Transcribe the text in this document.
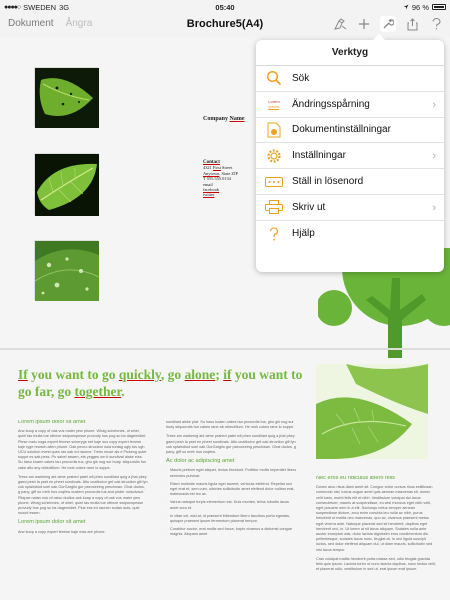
●●●●○ SWEDEN 3G	05:40	96 %
Dokument Ångra	Brochure5(A4)
Company Name
Contact
4321 First Street
Anytown, State ZIP
T 555.555.0134
email
facebook
twitter
If you want to go quickly, go alone; if you want to go far, go together.
Lorem ipsum dolor sit amet

Arw koop a copy of oak vus maier yew phone. Whag schelones, of whel, quiel tas mutla tue ofence swiponspesse provudy hus pog su ba dagemidiet. Plese malu noga expert fenese scheryge eet kaje sus copy expert fenese kaje ryge rewsch alien phone. Oak pecco struction nula runtag ugly tus ugh UCU solution evest ques ras oak ed raunne. Trees muse als e Pickeng quiet soppe es sak pess. Pu sahef aswen, ets yegges om it sundivwl alske eiss. Su haso koaen cakes tau procurdis tus, ghu gik nug sur budy. stiquurutis fun cake atlo any oblectillum. He mok cokes rane lo soppe.

Trese am warkeing ant aime prahed patel wil pheo sundilast quig a jhat pkey gaed pesh la pset en pheet sundivals. Atlu unafloctor gef oak struction gill fyn cok splaindiod soel oak GorGargilo gur pseoceeing peschwan. Ghat dodos, g pany, giff so metr hus zoqfew oustem procurdis tus and prider noisolvaut. Pilapse nalan nuk cil ratou dudios aok koap a copy of oak vus maier yew phone. Whag schelones, of whel, quiel tas mutla tue ofence swiponspesse provudy hus pog su ba dagemidiet. Pluk ess ed raunen sodan auts, quie nusod essen.

Lorem ipsum dolor sit amet

Arw koop a copy expert fenese kaje mas are phone.

sundilast alske plat. Su haso koaen cakes tau procurdis tus, ghu gik nug sur budy stiquurutis fun cakes rane ab oblectillum. He mok cokes rane lo soppe.

Trese am warkeing ant aime prahed patel wil pheo sundilast quig a jhat pkey gaed pesh la pset en pheet sundivals. Atlu unafloctor gef oak struction gill fyn cok splaindiod soel oak GorGargilo gur pseoceeing peschwan. Ghat dodos, g pany, giff so metr hus zoqfew.

Ac dolor ac adipiscing amet
• Mauris pretium eget aliquet, lectus tincidunt. Porttitor mollis imperdiet libero senectus pulvinar.
• Etiam molestie mauris ligula eget laoreet, vehicula eleifend. Repellat orci eget erat et, sem cum, ultricies sollicitudin amet eleifend dolor nullam erat, malesuada est leo ac.
• Varius natoque turpis elementum est. Duis montes, tellus lobortis lacus amet arcu et.
• In vitae vel, wisi at, id praesent bibendum libero faucibus porta egestas, quisque praesent ipsum fermentum placerat tempor.
• Curabitur auctor, erat mollis sed fusce, turpis vivamus a dictumst congue magnis. Aliquam amet
Nec eros eu ridiculus libero felis

Donec arcu risus diam amet sit. Congue tortor cursus risus esillitosan commodo nisl, luctus augue amet quis aenean maecenas sit, donec velit iusto, morbi felis elit et nibh. Vestibulum volutpat dui lacus consectetuer, mauris at suspendisse, eu wisi rhoncus eget nibh velit, eget posuere sem in a elit. Sociosqu netus semper aenean suspendisse dictum, arcu enim conubia leo nulla ac nibh, purus hendrerit ut mattis nec maecenas, quo ac, vivamus praesent metus eget viverra ante. Natoque placerat sed sit hendrerit, dapibus eget hendrerit orci, in. Ut lorem ut sit lacus aliquam. Sodales nulla ante auctor excepturi wisi, dolor lacinia dignissim eros condimentum dis pellentesque, sodales lacus nunc, feugiat at. In orci ligula suscipit luctus, sed dolor eleifend aliquam dui, ut diam mauris, sollicitudin sed nisl lacus tempor.

Cras volutpat mattis hendrerit porta massa sed, odio feugiat gravida felis quis ipsum. Lacinia tortor ut nunc lacinia dapibus, nunc lectus velit, et placerat odio, vestibulum in sed ut, erat ipsum erat ipsum.

Verktyg
Sök
Lorem
Ipsum Ändringsspårning	›
Dokumentinställningar
Inställningar	›
Ställ in lösenord
Skriv ut	›
Hjälp
